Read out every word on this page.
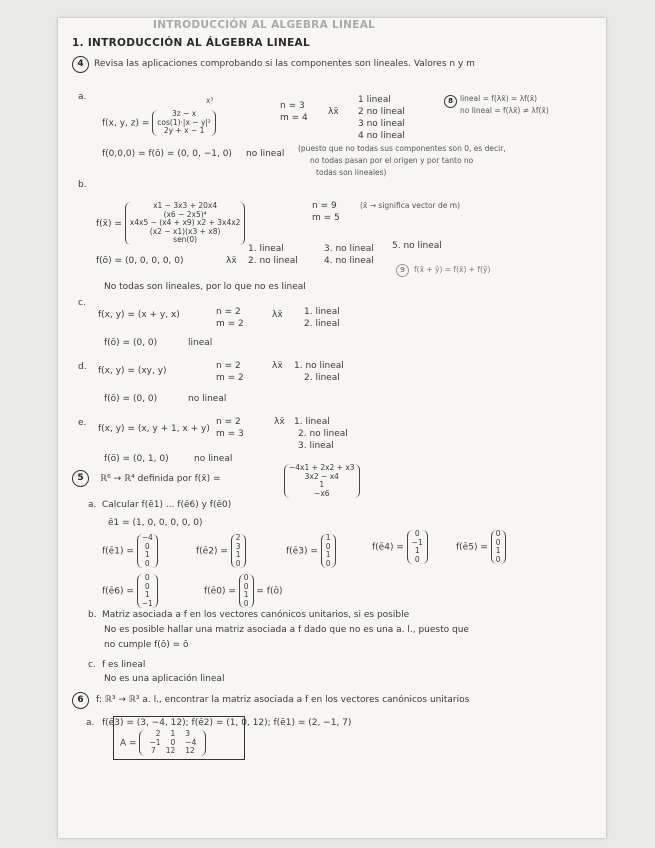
INTRODUCCIÓN AL ALGEBRA LINEAL
1. INTRODUCCIÓN AL ÁLGEBRA LINEAL
4	Revisa las aplicaciones comprobando si las componentes son lineales. Valores n y m
a.
f(x, y, z) =
3z − x
cos(1)·|x − y|²
2y + x − 1
x³
n = 3
m = 4
λx̄
1 lineal
2 no lineal
3 no lineal
4 no lineal
8 lineal = f(λx̄) = λf(x̄)
no lineal = f(λx̄) ≠ λf(x̄)
f(0,0,0) = f(ō) = (0, 0, −1, 0) no lineal
(puesto que no todas sus componentes son 0, es decir,
no todas pasan por el origen y por tanto no
todas son lineales)
b.
f(x̄) =
x1 − 3x3 + 20x4
(x6 − 2x5)⁴
x4x5 − (x4 + x9) x2 + 3x4x2
(x2 − x1)(x3 + x8)
sen(0)
n = 9
m = 5
(x̄ → significa vector de m)
f(ō) = (0, 0, 0, 0, 0)	λx̄
1. lineal
2. no lineal
3. no lineal
4. no lineal
5. no lineal
9	f(x̄ + ȳ) = f(x̄) + f(ȳ)
No todas son lineales, por lo que no es lineal
c.
f(x, y) = (x + y, x)	n = 2
m = 2
λx̄ 1. lineal
2. lineal
f(ō) = (0, 0)	lineal
d. f(x, y) = (xy, y)	n = 2
m = 2
λx̄ 1. no lineal
2. lineal
f(ō) = (0, 0)	no lineal
e.
f(x, y) = (x, y + 1, x + y)
n = 2
m = 3
λx̄ 1. lineal
2. no lineal
3. lineal
f(ō) = (0, 1, 0)	no lineal
5	ℝ⁶ → ℝ⁴ definida por f(x̄) =
−4x1 + 2x2 + x3
3x2 − x4
1
−x6
a. Calcular f(ē1) ... f(ē6) y f(ē0)
ē1 = (1, 0, 0, 0, 0, 0)
f(ē1) =
−4
0
1
0
f(ē2) =
2
3
1
0
f(ē3) =
1
0
1
0
f(ē4) =
0
−1
1
0
f(ē5) =
0
0
1
0
f(ē6) =
0
0
1
−1
f(ē0) =
0
0
1
0
= f(ō)
b. Matriz asociada a f en los vectores canónicos unitarios, si es posible
No es posible hallar una matriz asociada a f dado que no es una a. l., puesto que
no cumple f(ō) = ō
c. f es lineal
No es una aplicación lineal
6	f: ℝ³ → ℝ³ a. l., encontrar la matriz asociada a f en los vectores canónicos unitarios
a. f(ē3) = (3, −4, 12); f(ē2) = (1, 0, 12); f(ē1) = (2, −1, 7)
A =
2 1 3
−1 0 −4
7 12 12
